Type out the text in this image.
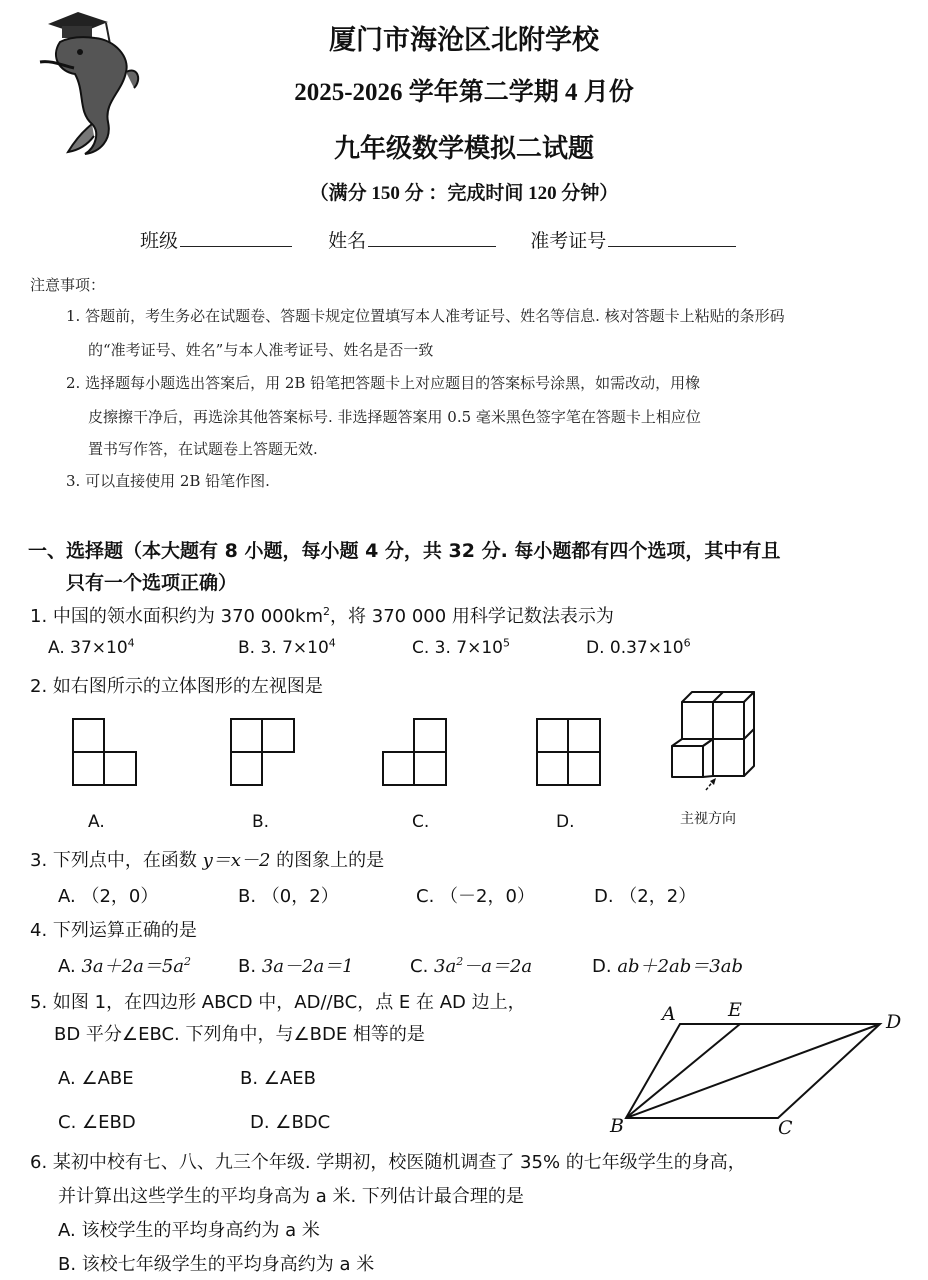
厦门市海沧区北附学校
2025-2026 学年第二学期 4 月份
九年级数学模拟二试题
（满分 150 分 ：完成时间 120 分钟）
班级	姓名	准考证号
注意事项：
1. 答题前，考生务必在试题卷、答题卡规定位置填写本人准考证号、姓名等信息. 核对答题卡上粘贴的条形码
的“准考证号、姓名”与本人准考证号、姓名是否一致
2. 选择题每小题选出答案后，用 2B 铅笔把答题卡上对应题目的答案标号涂黑，如需改动，用橡
皮擦擦干净后，再选涂其他答案标号. 非选择题答案用 0.5 毫米黑色签字笔在答题卡上相应位
置书写作答，在试题卷上答题无效.
3. 可以直接使用 2B 铅笔作图.
一、选择题（本大题有 8 小题，每小题 4 分，共 32 分. 每小题都有四个选项，其中有且
只有一个选项正确）
1. 中国的领水面积约为 370 $000km^2$，将 370 000 用科学记数法表示为
A. $37\times 10^4$	B. 3. $7\times 10^4$	C. 3. $7\times 10^5$	D. $0.37\times 10^6$
2. 如右图所示的立体图形的左视图是
A.	B.	C.	D.	主视方向
3. 下列点中，在函数 y＝x－2 的图象上的是
A. （2，0）	B. （0，2）	C. （－2，0）	D. （2，2）
4. 下列运算正确的是
A. $3a+2a=5a^2$	B. 3a－2a＝1	C. $3a^2-a=2a$	D. ab＋2ab＝3ab
5. 如图 1，在四边形 ABCD 中，AD//BC，点 E 在 AD 边上，
BD 平分∠EBC. 下列角中，与∠BDE 相等的是
A. ∠ABE	B. ∠AEB
C. ∠EBD	D. ∠BDC
A	E
D
B	C
6. 某初中校有七、八、九三个年级. 学期初，校医随机调查了 35% 的七年级学生的身高，
并计算出这些学生的平均身高为 a 米. 下列估计最合理的是
A. 该校学生的平均身高约为 a 米
B. 该校七年级学生的平均身高约为 a 米
